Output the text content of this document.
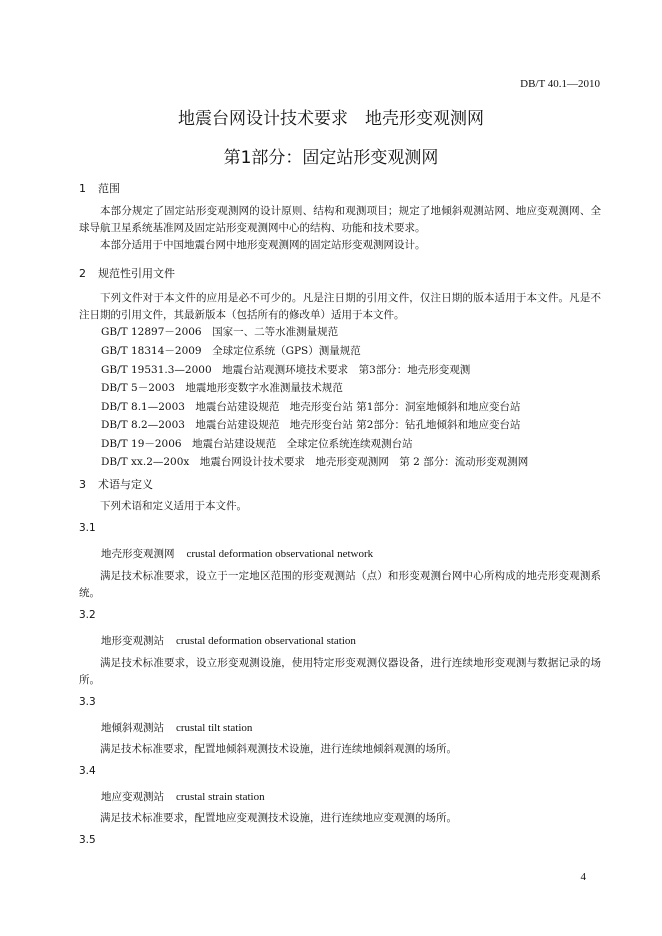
DB/T 40.1—2010
地震台网设计技术要求　地壳形变观测网
第1部分：固定站形变观测网
1 范围
本部分规定了固定站形变观测网的设计原则、结构和观测项目；规定了地倾斜观测站网、地应变观测网、全球导航卫星系统基准网及固定站形变观测网中心的结构、功能和技术要求。
本部分适用于中国地震台网中地形变观测网的固定站形变观测网设计。
2 规范性引用文件
下列文件对于本文件的应用是必不可少的。凡是注日期的引用文件，仅注日期的版本适用于本文件。凡是不注日期的引用文件，其最新版本（包括所有的修改单）适用于本文件。
GB/T 12897－2006　国家一、二等水准测量规范
GB/T 18314－2009　全球定位系统（GPS）测量规范
GB/T 19531.3—2000　地震台站观测环境技术要求　第3部分：地壳形变观测
DB/T 5－2003　地震地形变数字水准测量技术规范
DB/T 8.1—2003　地震台站建设规范　地壳形变台站 第1部分：洞室地倾斜和地应变台站
DB/T 8.2—2003　地震台站建设规范　地壳形变台站 第2部分：钻孔地倾斜和地应变台站
DB/T 19－2006　地震台站建设规范　全球定位系统连续观测台站
DB/T xx.2—200x　地震台网设计技术要求　地壳形变观测网　第 2 部分：流动形变观测网
3 术语与定义
下列术语和定义适用于本文件。
3.1
地壳形变观测网 crustal deformation observational network
满足技术标准要求，设立于一定地区范围的形变观测站（点）和形变观测台网中心所构成的地壳形变观测系统。
3.2
地形变观测站 crustal deformation observational station
满足技术标准要求，设立形变观测设施，使用特定形变观测仪器设备，进行连续地形变观测与数据记录的场所。
3.3
地倾斜观测站 crustal tilt station
满足技术标准要求，配置地倾斜观测技术设施，进行连续地倾斜观测的场所。
3.4
地应变观测站 crustal strain station
满足技术标准要求，配置地应变观测技术设施，进行连续地应变观测的场所。
3.5
4
